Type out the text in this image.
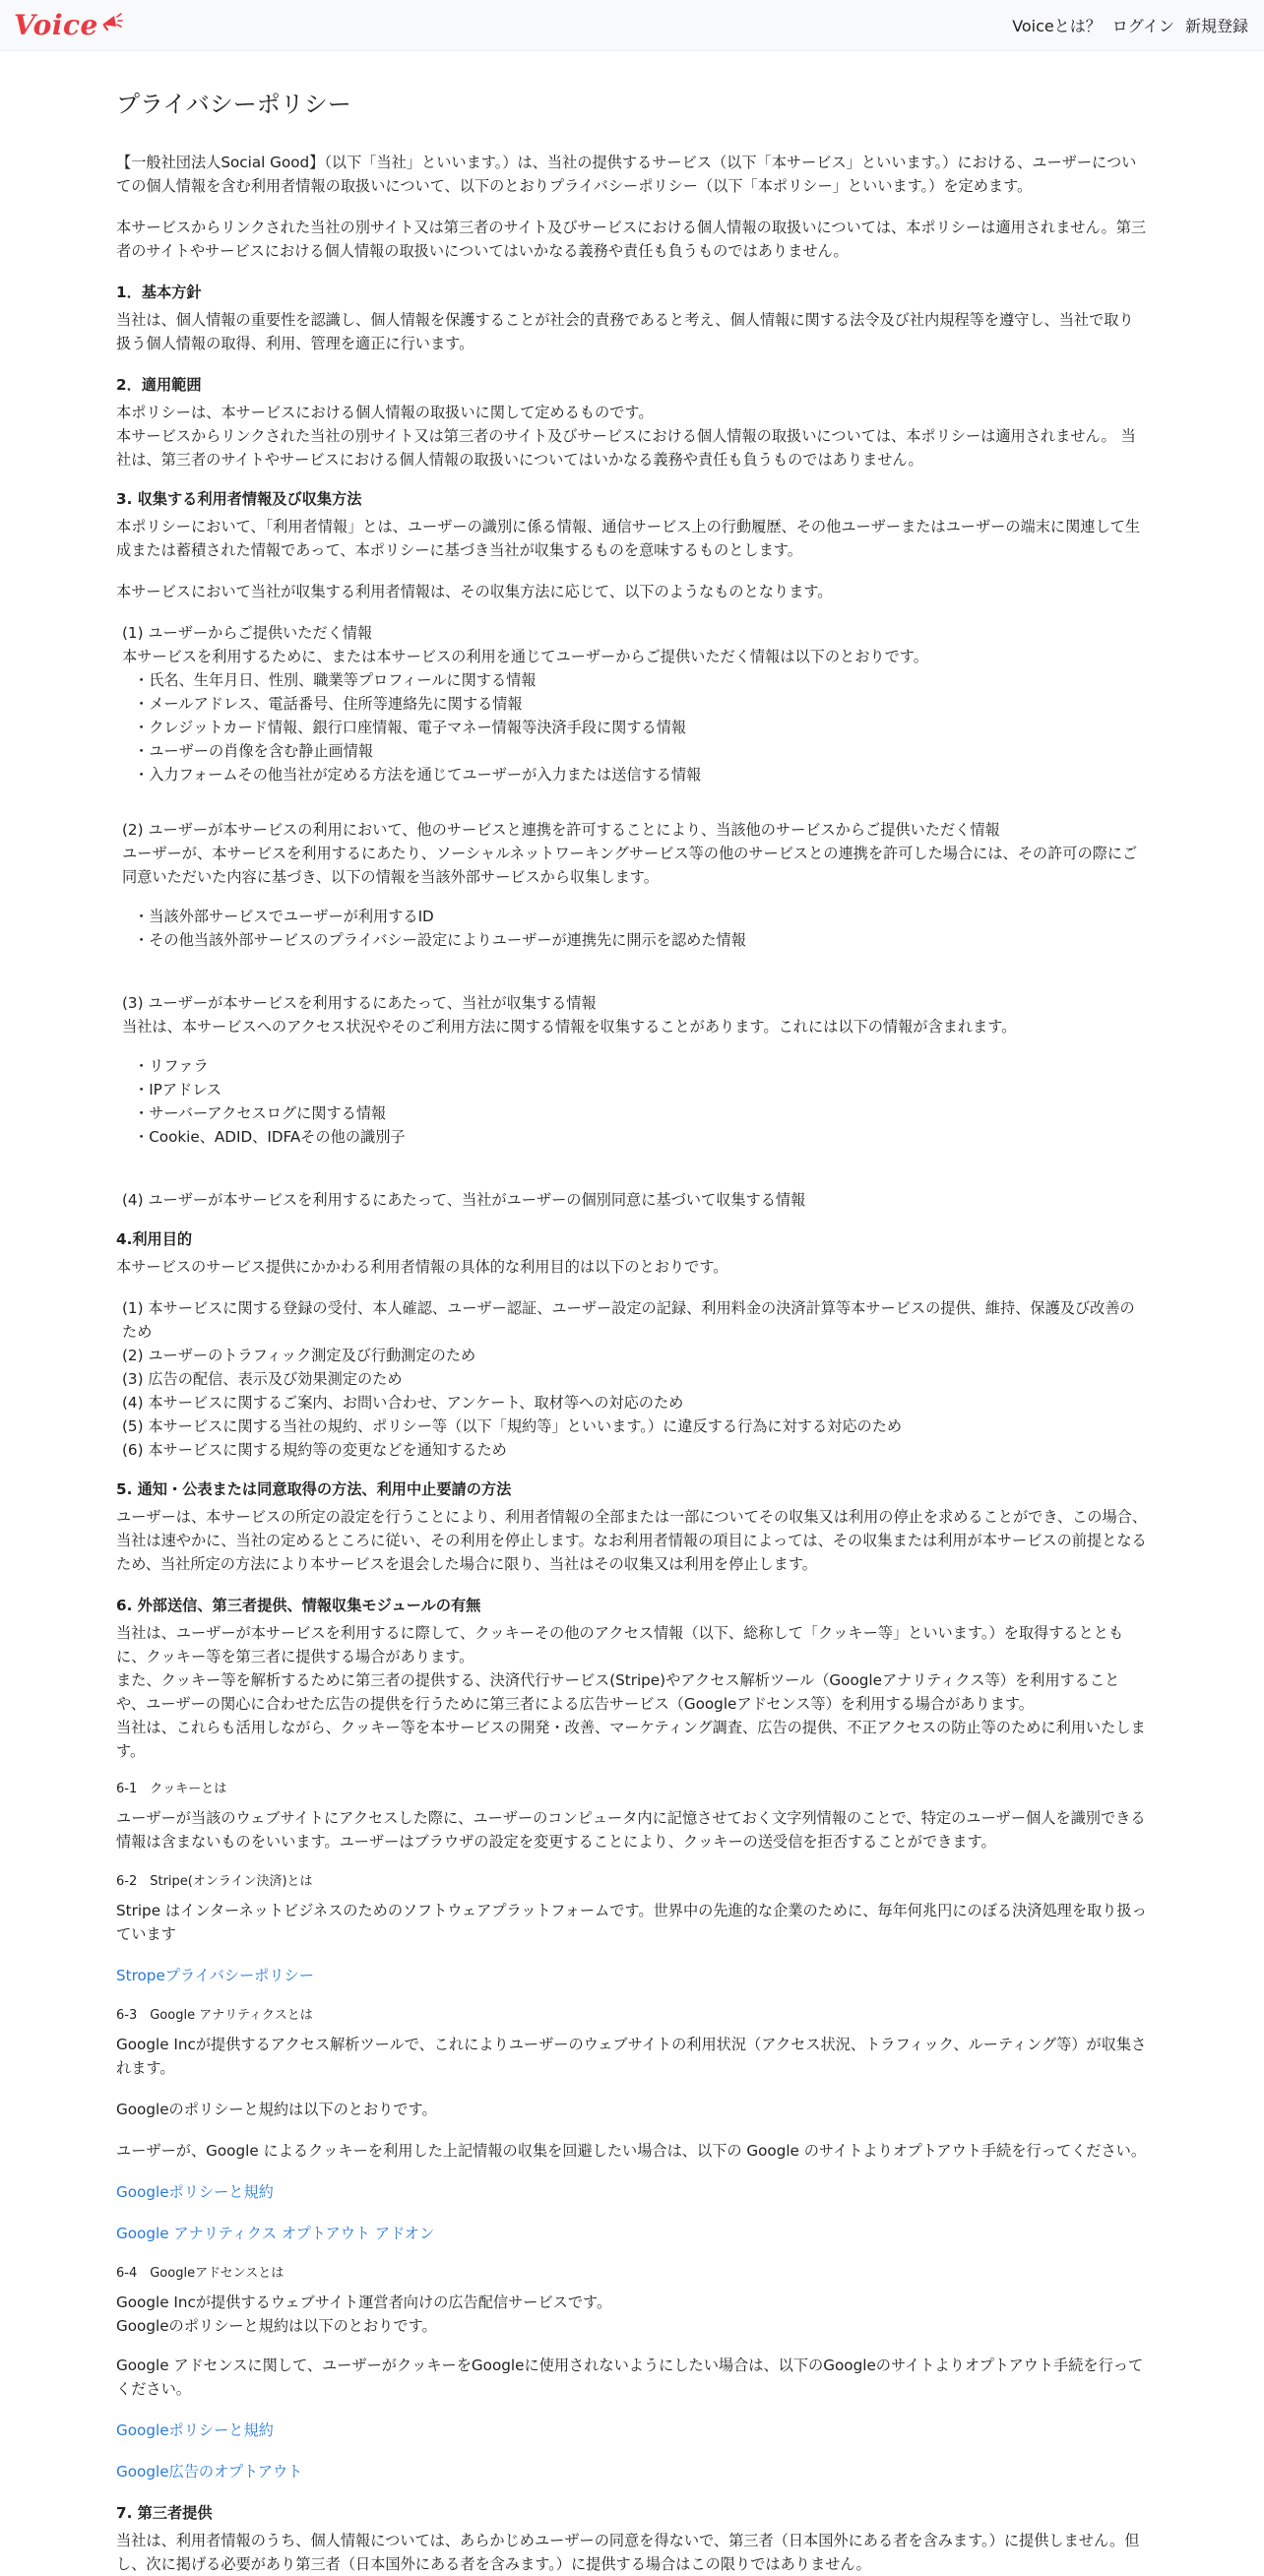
Voice	Voiceとは？ ログイン 新規登録
プライバシーポリシー

【一般社団法人Social Good】（以下「当社」といいます。）は、当社の提供するサービス（以下「本サービス」といいます。）における、ユーザーについての個人情報を含む利用者情報の取扱いについて、以下のとおりプライバシーポリシー（以下「本ポリシー」といいます。）を定めます。

本サービスからリンクされた当社の別サイト又は第三者のサイト及びサービスにおける個人情報の取扱いについては、本ポリシーは適用されません。第三者のサイトやサービスにおける個人情報の取扱いについてはいかなる義務や責任も負うものではありません。

1．基本方針

当社は、個人情報の重要性を認識し、個人情報を保護することが社会的責務であると考え、個人情報に関する法令及び社内規程等を遵守し、当社で取り扱う個人情報の取得、利用、管理を適正に行います。

2．適用範囲
本ポリシーは、本サービスにおける個人情報の取扱いに関して定めるものです。
本サービスからリンクされた当社の別サイト又は第三者のサイト及びサービスにおける個人情報の取扱いについては、本ポリシーは適用されません。 当社は、第三者のサイトやサービスにおける個人情報の取扱いについてはいかなる義務や責任も負うものではありません。
3. 収集する利用者情報及び収集方法

本ポリシーにおいて、「利用者情報」とは、ユーザーの識別に係る情報、通信サービス上の行動履歴、その他ユーザーまたはユーザーの端末に関連して生成または蓄積された情報であって、本ポリシーに基づき当社が収集するものを意味するものとします。

本サービスにおいて当社が収集する利用者情報は、その収集方法に応じて、以下のようなものとなります。

(1) ユーザーからご提供いただく情報
本サービスを利用するために、または本サービスの利用を通じてユーザーからご提供いただく情報は以下のとおりです。
・氏名、生年月日、性別、職業等プロフィールに関する情報
・メールアドレス、電話番号、住所等連絡先に関する情報
・クレジットカード情報、銀行口座情報、電子マネー情報等決済手段に関する情報
・ユーザーの肖像を含む静止画情報
・入力フォームその他当社が定める方法を通じてユーザーが入力または送信する情報
(2) ユーザーが本サービスの利用において、他のサービスと連携を許可することにより、当該他のサービスからご提供いただく情報
ユーザーが、本サービスを利用するにあたり、ソーシャルネットワーキングサービス等の他のサービスとの連携を許可した場合には、その許可の際にご同意いただいた内容に基づき、以下の情報を当該外部サービスから収集します。
・当該外部サービスでユーザーが利用するID
・その他当該外部サービスのプライバシー設定によりユーザーが連携先に開示を認めた情報
(3) ユーザーが本サービスを利用するにあたって、当社が収集する情報
当社は、本サービスへのアクセス状況やそのご利用方法に関する情報を収集することがあります。これには以下の情報が含まれます。
・リファラ
・IPアドレス
・サーバーアクセスログに関する情報
・Cookie、ADID、IDFAその他の識別子
(4) ユーザーが本サービスを利用するにあたって、当社がユーザーの個別同意に基づいて収集する情報
4.利用目的

本サービスのサービス提供にかかわる利用者情報の具体的な利用目的は以下のとおりです。

(1) 本サービスに関する登録の受付、本人確認、ユーザー認証、ユーザー設定の記録、利用料金の決済計算等本サービスの提供、維持、保護及び改善のため
(2) ユーザーのトラフィック測定及び行動測定のため
(3) 広告の配信、表示及び効果測定のため
(4) 本サービスに関するご案内、お問い合わせ、アンケート、取材等への対応のため
(5) 本サービスに関する当社の規約、ポリシー等（以下「規約等」といいます。）に違反する行為に対する対応のため
(6) 本サービスに関する規約等の変更などを通知するため
5. 通知・公表または同意取得の方法、利用中止要請の方法

ユーザーは、本サービスの所定の設定を行うことにより、利用者情報の全部または一部についてその収集又は利用の停止を求めることができ、この場合、当社は速やかに、当社の定めるところに従い、その利用を停止します。なお利用者情報の項目によっては、その収集または利用が本サービスの前提となるため、当社所定の方法により本サービスを退会した場合に限り、当社はその収集又は利用を停止します。

6. 外部送信、第三者提供、情報収集モジュールの有無
当社は、ユーザーが本サービスを利用するに際して、クッキーその他のアクセス情報（以下、総称して「クッキー等」といいます。）を取得するとともに、クッキー等を第三者に提供する場合があります。
また、クッキー等を解析するために第三者の提供する、決済代行サービス(Stripe)やアクセス解析ツール（Googleアナリティクス等）を利用することや、ユーザーの関心に合わせた広告の提供を行うために第三者による広告サービス（Googleアドセンス等）を利用する場合があります。
当社は、これらも活用しながら、クッキー等を本サービスの開発・改善、マーケティング調査、広告の提供、不正アクセスの防止等のために利用いたします。
6-1　クッキーとは

ユーザーが当該のウェブサイトにアクセスした際に、ユーザーのコンピュータ内に記憶させておく文字列情報のことで、特定のユーザー個人を識別できる情報は含まないものをいいます。ユーザーはブラウザの設定を変更することにより、クッキーの送受信を拒否することができます。

6-2　Stripe(オンライン決済)とは

Stripe はインターネットビジネスのためのソフトウェアプラットフォームです。世界中の先進的な企業のために、毎年何兆円にのぼる決済処理を取り扱っています

Stropeプライバシーポリシー
6-3　Google アナリティクスとは

Google Incが提供するアクセス解析ツールで、これによりユーザーのウェブサイトの利用状況（アクセス状況、トラフィック、ルーティング等）が収集されます。

Googleのポリシーと規約は以下のとおりです。

ユーザーが、Google によるクッキーを利用した上記情報の収集を回避したい場合は、以下の Google のサイトよりオプトアウト手続を行ってください。

Googleポリシーと規約
Google アナリティクス オプトアウト アドオン
6-4　Googleアドセンスとは
Google Incが提供するウェブサイト運営者向けの広告配信サービスです。
Googleのポリシーと規約は以下のとおりです。

Google アドセンスに関して、ユーザーがクッキーをGoogleに使用されないようにしたい場合は、以下のGoogleのサイトよりオプトアウト手続を行ってください。

Googleポリシーと規約
Google広告のオプトアウト
7. 第三者提供

当社は、利用者情報のうち、個人情報については、あらかじめユーザーの同意を得ないで、第三者（日本国外にある者を含みます。）に提供しません。但し、次に掲げる必要があり第三者（日本国外にある者を含みます。）に提供する場合はこの限りではありません。
